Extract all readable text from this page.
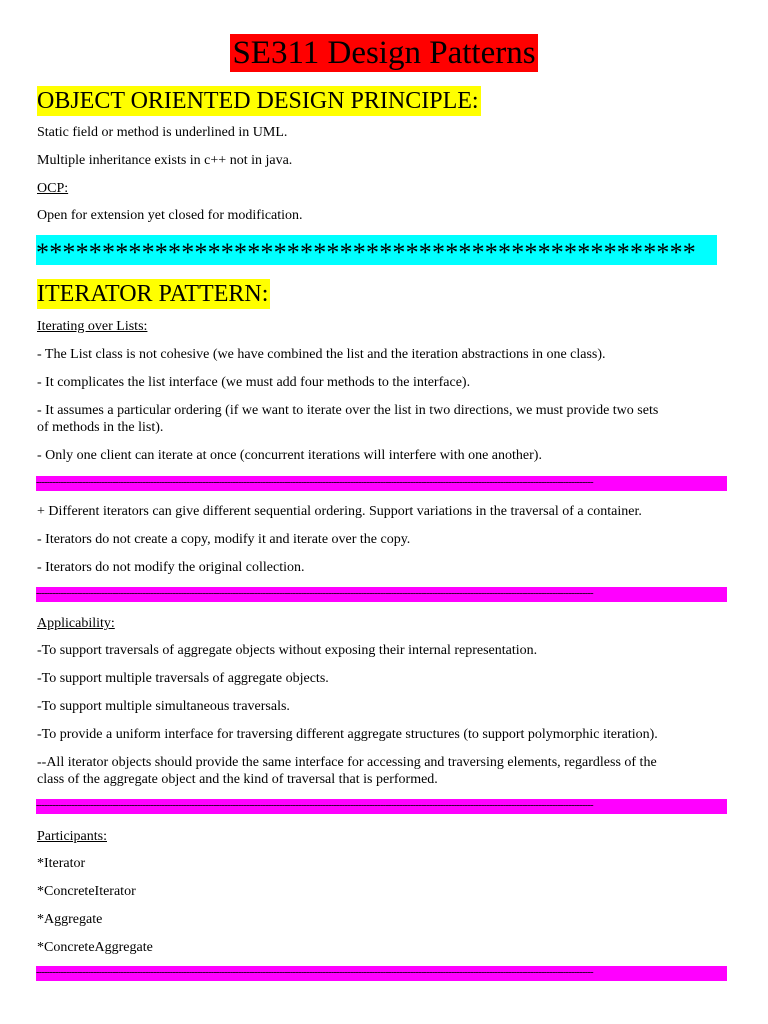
SE311 Design Patterns
OBJECT ORIENTED DESIGN PRINCIPLE:
Static field or method is underlined in UML.
Multiple inheritance exists in c++ not in java.
OCP:
Open for extension yet closed for modification.
**************************************************
ITERATOR PATTERN:
Iterating over Lists:
- The List class is not cohesive (we have combined the list and the iteration abstractions in one class).
- It complicates the list interface (we must add four methods to the interface).
- It assumes a particular ordering (if we want to iterate over the list in two directions, we must provide two sets
of methods in the list).
- Only one client can iterate at once (concurrent iterations will interfere with one another).
------------------------------------------------------------------------------------------------------------------------------------------------------------------------------------------------------------
+ Different iterators can give different sequential ordering. Support variations in the traversal of a container.
- Iterators do not create a copy, modify it and iterate over the copy.
- Iterators do not modify the original collection.
------------------------------------------------------------------------------------------------------------------------------------------------------------------------------------------------------------
Applicability:
-To support traversals of aggregate objects without exposing their internal representation.
-To support multiple traversals of aggregate objects.
-To support multiple simultaneous traversals.
-To provide a uniform interface for traversing different aggregate structures (to support polymorphic iteration).
--All iterator objects should provide the same interface for accessing and traversing elements, regardless of the
class of the aggregate object and the kind of traversal that is performed.
------------------------------------------------------------------------------------------------------------------------------------------------------------------------------------------------------------
Participants:
*Iterator
*ConcreteIterator
*Aggregate
*ConcreteAggregate
------------------------------------------------------------------------------------------------------------------------------------------------------------------------------------------------------------
